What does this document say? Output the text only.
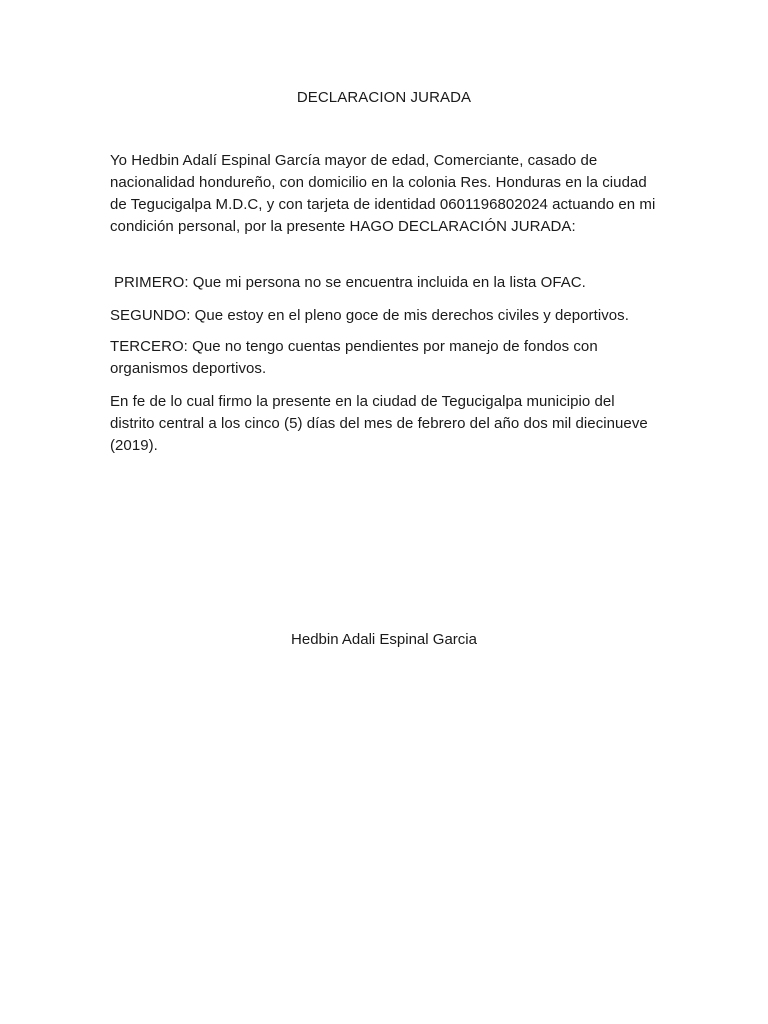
DECLARACION JURADA
Yo Hedbin Adalí Espinal García mayor de edad, Comerciante, casado de nacionalidad hondureño, con domicilio en la colonia Res. Honduras en la ciudad de Tegucigalpa M.D.C, y con tarjeta de identidad 0601196802024 actuando en mi condición personal, por la presente HAGO DECLARACIÓN JURADA:
PRIMERO: Que mi persona no se encuentra incluida en la lista OFAC.
SEGUNDO: Que estoy en el pleno goce de mis derechos civiles y deportivos.
TERCERO: Que no tengo cuentas pendientes por manejo de fondos con organismos deportivos.
En fe de lo cual firmo la presente en la ciudad de Tegucigalpa municipio del distrito central a los cinco (5) días del mes de febrero del año dos mil diecinueve (2019).
Hedbin Adali Espinal Garcia
